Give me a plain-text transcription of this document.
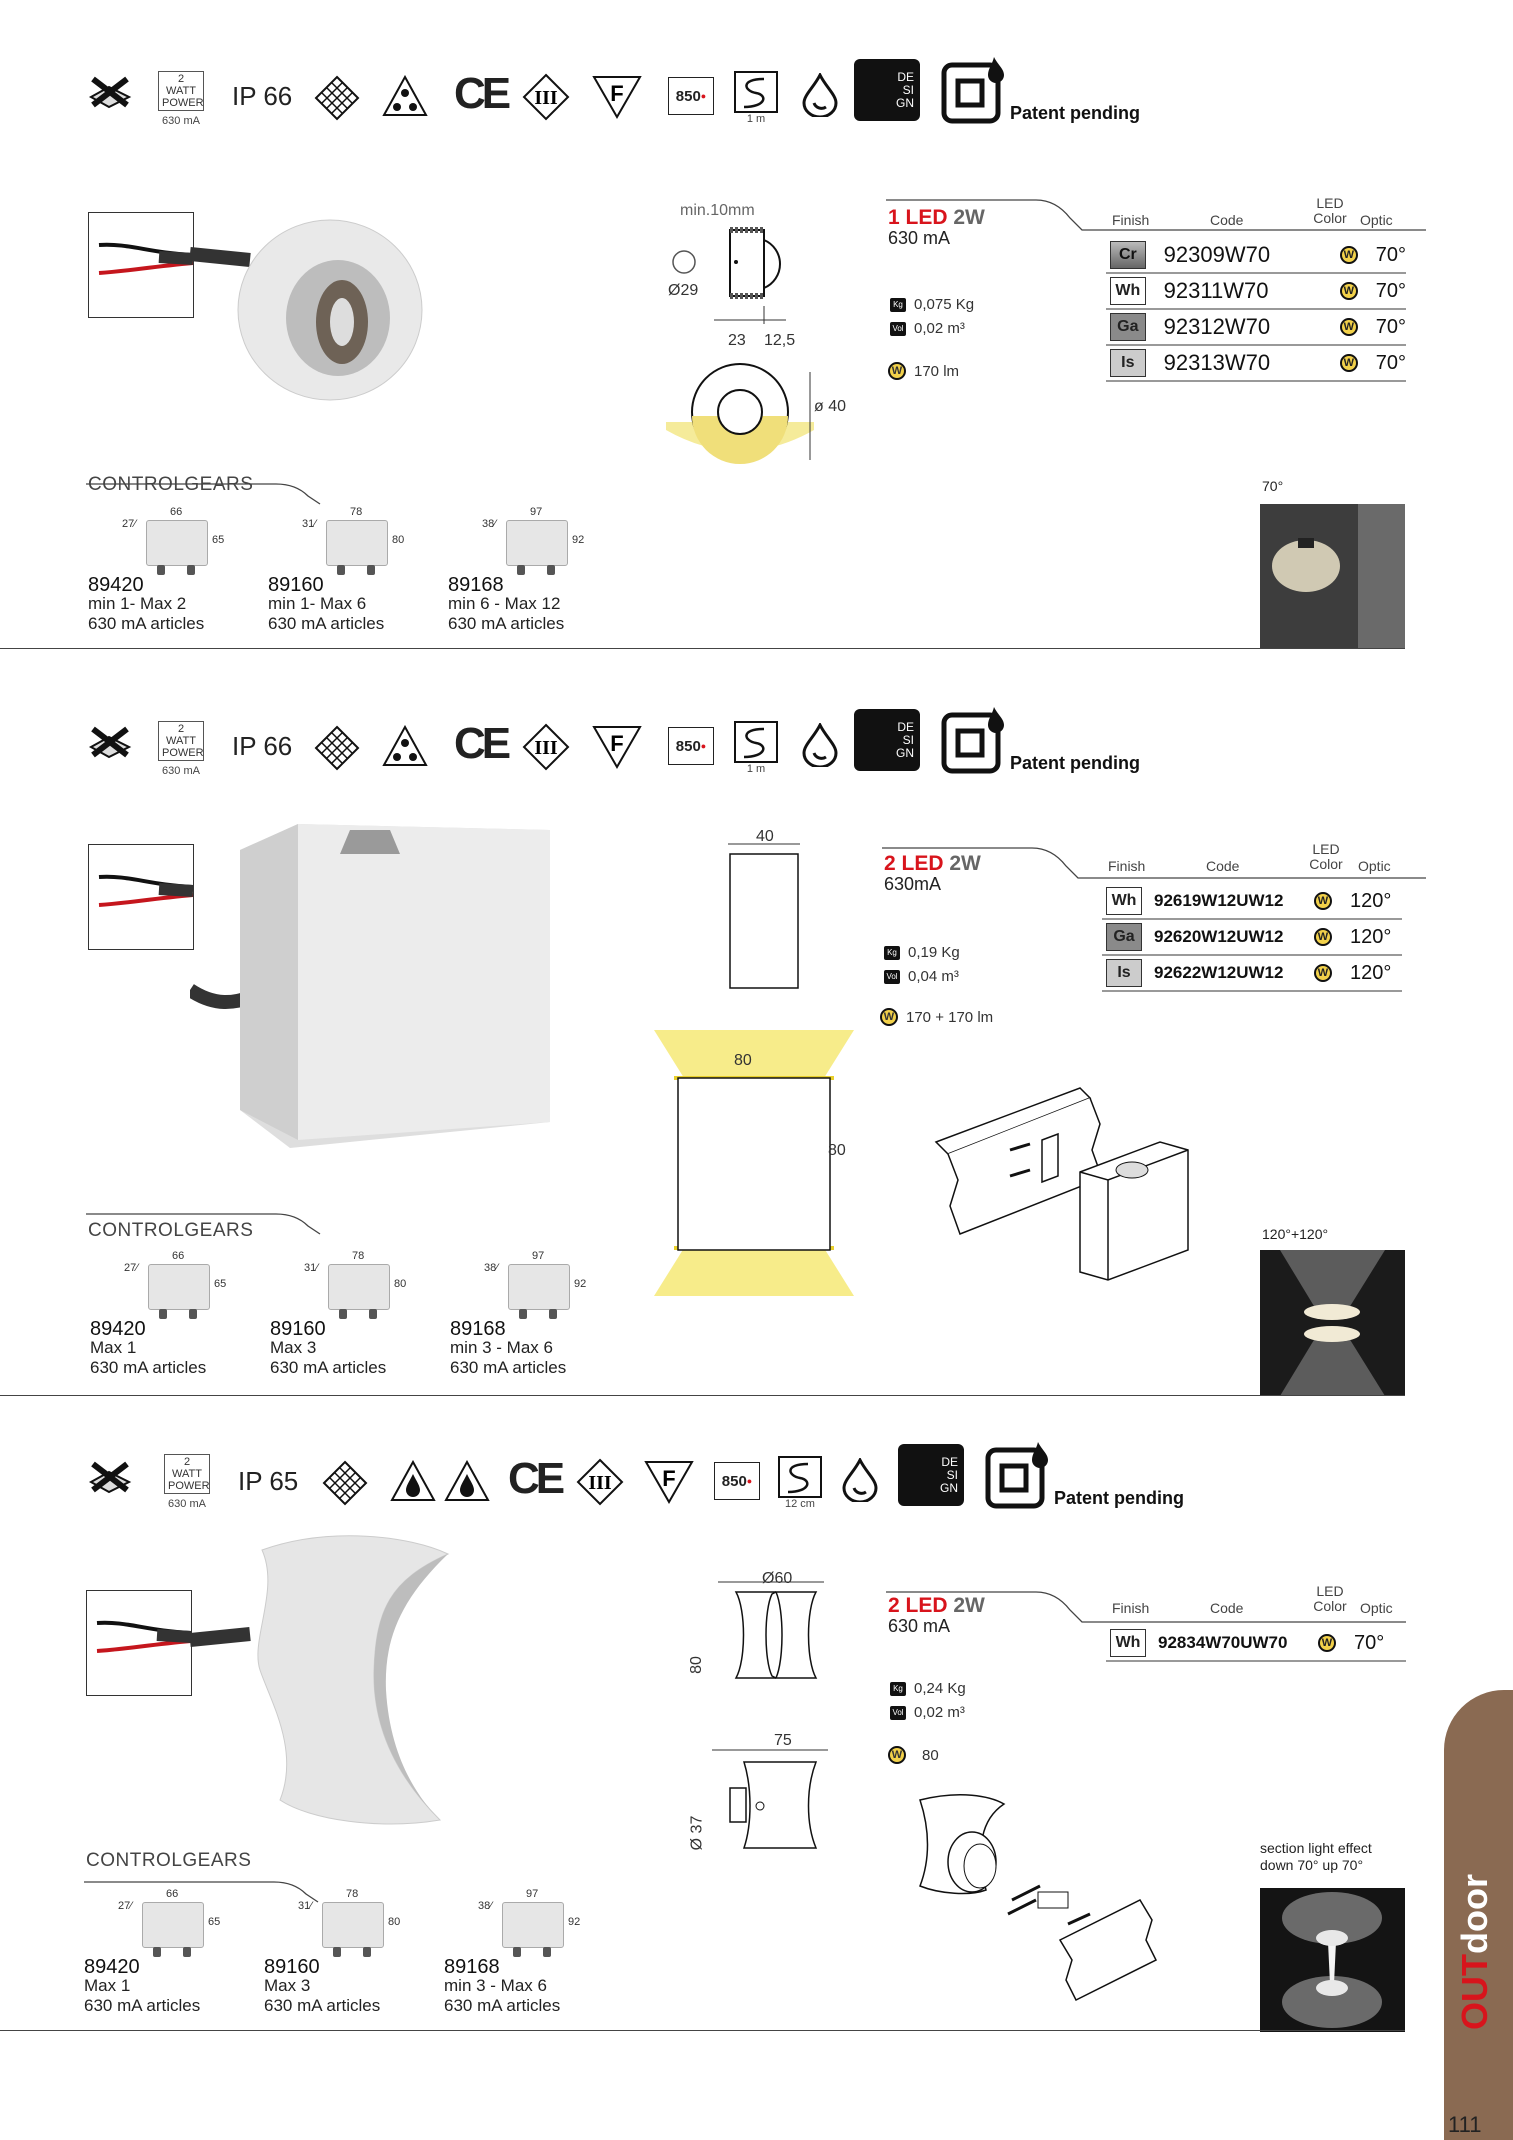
2 WATT POWER
630 mA
IP 66	CE III F	850 ●
1 m
DE
SI
GN
Patent pending
min.10mm
Ø29
23 12,5
ø 40
1 LED 2W
630 mA
Kg 0,075 Kg
Vol 0,02 m³
W 170 lm
Finish	Code
LED Color Optic
Cr	92309W70	W 70°
Wh 92311W70	W 70°
Ga	92312W70	W 70°
Is	92313W70	W 70°
70°
CONTROLGEARS
66
27⁄
65
89420
min 1- Max 2
630 mA articles
78
31⁄
80
89160
min 1- Max 6
630 mA articles
97
38⁄
92
89168
min 6 - Max 12
630 mA articles
2 WATT POWER
630 mA
IP 66	CE III F	850 ●
1 m
DE
SI
GN
Patent pending
40
80
80
2 LED 2W
630mA
Kg 0,19 Kg
Vol 0,04 m³
W 170 + 170 lm
Finish	Code
LED Color	Optic
Wh	92619W12UW12	W 120°
Ga	92620W12UW12	W 120°
Is	92622W12UW12	W 120°
120°+120°
CONTROLGEARS
66
27⁄
65
89420
Max 1
630 mA articles
78
31⁄
80
89160
Max 3
630 mA articles
97
38⁄
92
89168
min 3 - Max 6
630 mA articles
2 WATT POWER
630 mA
IP 65	CE III F	850 ●
12 cm
DE
SI
GN
Patent pending
Ø60
80
75
Ø 37
2 LED 2W
630 mA
Kg 0,24 Kg
Vol 0,02 m³
W 80
Finish	Code
LED Color Optic
Wh	92834W70UW70	W 70°
section light effect down 70° up 70°
CONTROLGEARS
66
27⁄
65
89420
Max 1
630 mA articles
78
31⁄
80
89160
Max 3
630 mA articles
97
38⁄
92
89168
min 3 - Max 6
630 mA articles	OUTdoor
111
